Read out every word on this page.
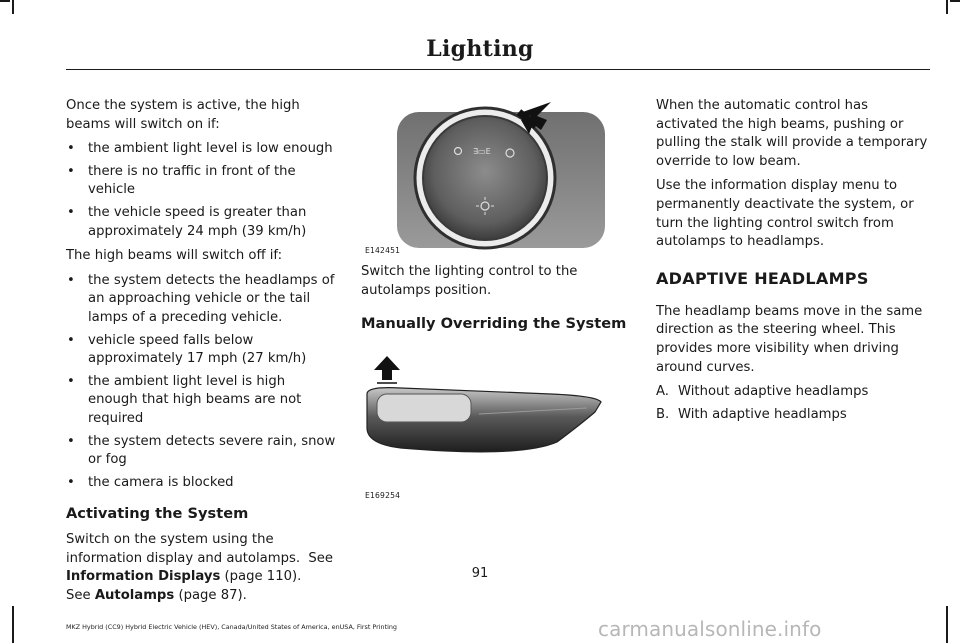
Lighting

Once the system is active, the high beams will switch on if:

• the ambient light level is low enough
• there is no traffic in front of the vehicle
• the vehicle speed is greater than approximately 24 mph (39 km/h)

The high beams will switch off if:

• the system detects the headlamps of an approaching vehicle or the tail lamps of a preceding vehicle.
• vehicle speed falls below approximately 17 mph (27 km/h)
• the ambient light level is high enough that high beams are not required
• the system detects severe rain, snow or fog
• the camera is blocked
Activating the System

Switch on the system using the information display and autolamps. See Information Displays (page 110).   See Autolamps (page 87).

∃▭E
E142451

Switch the lighting control to the autolamps position.

Manually Overriding the System
E169254

When the automatic control has activated the high beams, pushing or pulling the stalk will provide a temporary override to low beam.

Use the information display menu to permanently deactivate the system, or turn the lighting control switch from autolamps to headlamps.

ADAPTIVE HEADLAMPS

The headlamp beams move in the same direction as the steering wheel. This provides more visibility when driving around curves.

A. Without adaptive headlamps
B. With adaptive headlamps
91
MKZ Hybrid (CC9) Hybrid Electric Vehicle (HEV), Canada/United States of America, enUSA, First Printing	carmanualsonline.info
